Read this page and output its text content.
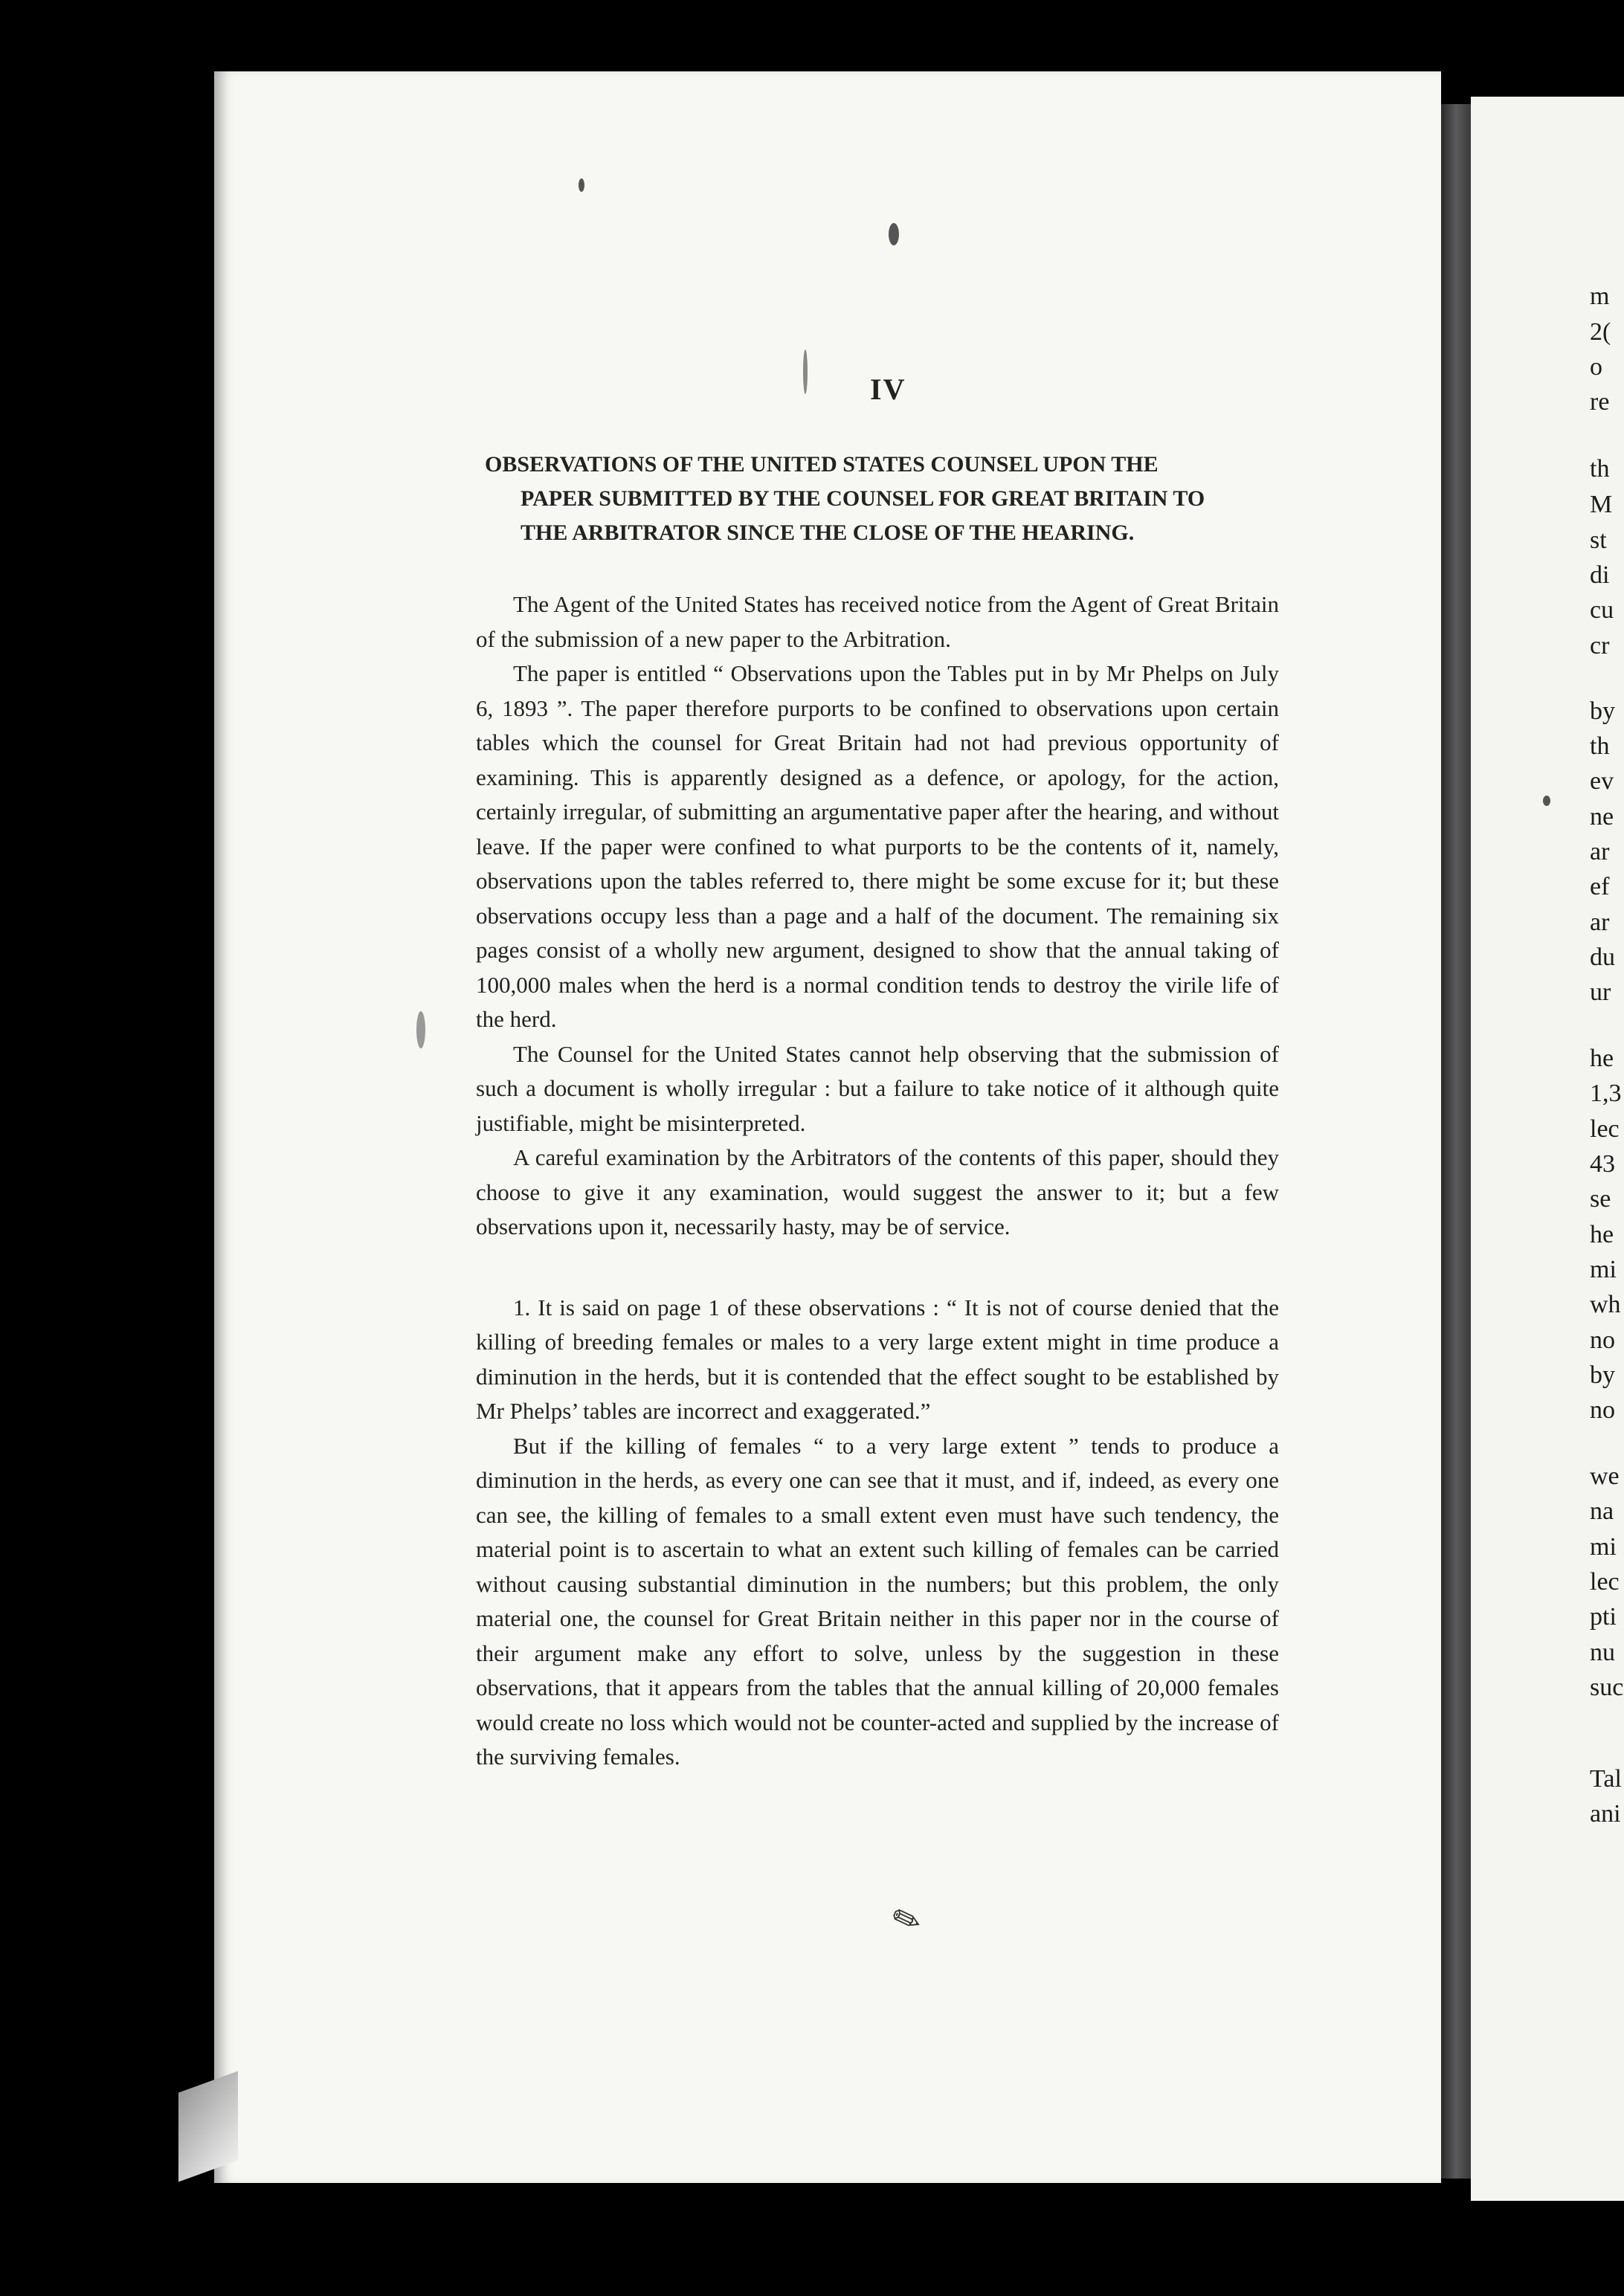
m
2(
o
re
th
M
st
di
cu
cr
by
th
ev
ne
ar
ef
ar
du
ur
he
1,3
lec
43
se
he
mi
wh
no
by
no
we
na
mi
lec
pti
nu
suc
Tal
ani
IV
OBSERVATIONS OF THE UNITED STATES COUNSEL UPON THE
PAPER SUBMITTED BY THE COUNSEL FOR GREAT BRITAIN TO
THE ARBITRATOR SINCE THE CLOSE OF THE HEARING.

The Agent of the United States has received notice from the Agent of Great Britain of the submission of a new paper to the Arbitration.

The paper is entitled “ Observations upon the Tables put in by Mr Phelps on July 6, 1893 ”. The paper therefore purports to be confined to observations upon certain tables which the counsel for Great Britain had not had previous opportunity of examining. This is apparently designed as a defence, or apology, for the action, certainly irregular, of submitting an argumentative paper after the hearing, and without leave. If the paper were confined to what purports to be the contents of it, namely, observations upon the tables referred to, there might be some excuse for it; but these observations occupy less than a page and a half of the document. The remaining six pages consist of a wholly new argument, designed to show that the annual taking of 100,000 males when the herd is a normal condition tends to destroy the virile life of the herd.

The Counsel for the United States cannot help observing that the submission of such a document is wholly irregular : but a failure to take notice of it although quite justifiable, might be misinterpreted.

A careful examination by the Arbitrators of the contents of this paper, should they choose to give it any examination, would suggest the answer to it; but a few observations upon it, necessarily hasty, may be of service.

1. It is said on page 1 of these observations : “ It is not of course denied that the killing of breeding females or males to a very large extent might in time produce a diminution in the herds, but it is contended that the effect sought to be established by Mr Phelps’ tables are incorrect and exaggerated.”

But if the killing of females “ to a very large extent ” tends to produce a diminution in the herds, as every one can see that it must, and if, indeed, as every one can see, the killing of females to a small extent even must have such tendency, the material point is to ascertain to what an extent such killing of females can be carried without causing substantial diminution in the numbers; but this problem, the only material one, the counsel for Great Britain neither in this paper nor in the course of their argument make any effort to solve, unless by the suggestion in these observations, that it appears from the tables that the annual killing of 20,000 females would create no loss which would not be counter-acted and supplied by the increase of the surviving females.

✎
